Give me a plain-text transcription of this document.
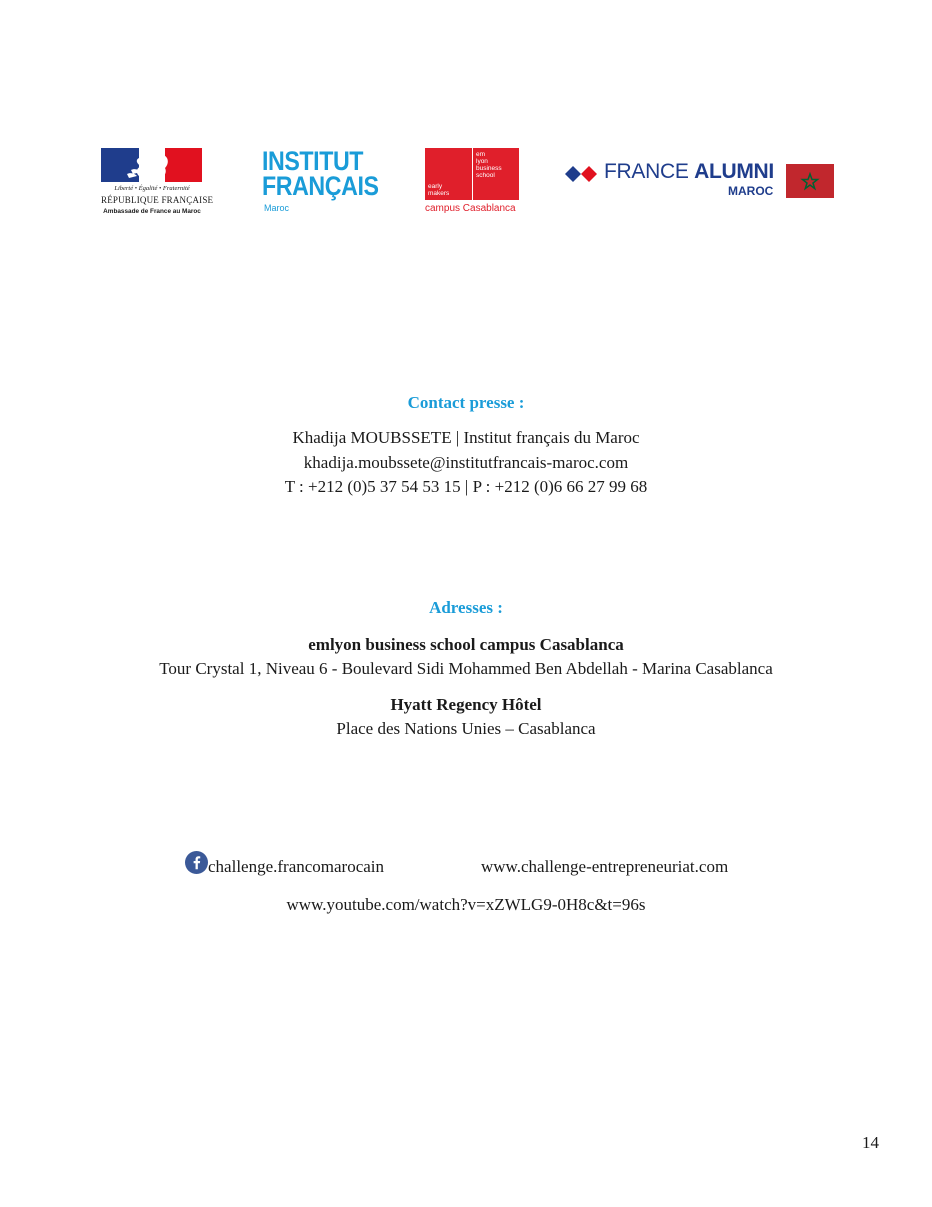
Liberté • Égalité • Fraternité
RÉPUBLIQUE FRANÇAISE
Ambassade de France au Maroc
INSTITUT
FRANÇAIS
Maroc
early
makers
em
lyon
business
school
campus Casablanca
FRANCE ALUMNI
MAROC
Contact presse :
Khadija MOUBSSETE | Institut français du Maroc
khadija.moubssete@institutfrancais-maroc.com
T : +212 (0)5 37 54 53 15 | P : +212 (0)6 66 27 99 68
Adresses :
emlyon business school campus Casablanca
Tour Crystal 1, Niveau 6 - Boulevard Sidi Mohammed Ben Abdellah - Marina Casablanca
Hyatt Regency Hôtel
Place des Nations Unies – Casablanca
challenge.francomarocain	www.challenge-entrepreneuriat.com
www.youtube.com/watch?v=xZWLG9-0H8c&t=96s
14
